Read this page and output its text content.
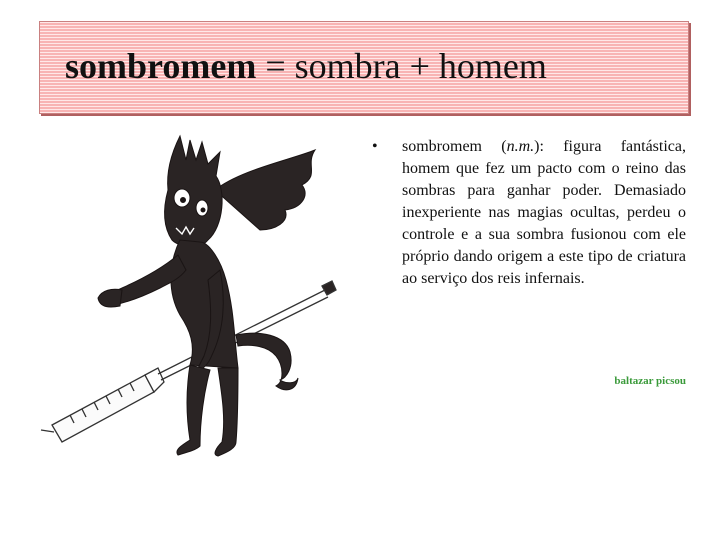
sombromem = sombra + homem
• sombromem (n.m.): figura fantástica, homem que fez um pacto com o reino das sombras para ganhar poder. Demasiado inexperiente nas magias ocultas, perdeu o controle e a sua sombra fusionou com ele próprio dando origem a este tipo de criatura ao serviço dos reis infernais.

baltazar picsou
